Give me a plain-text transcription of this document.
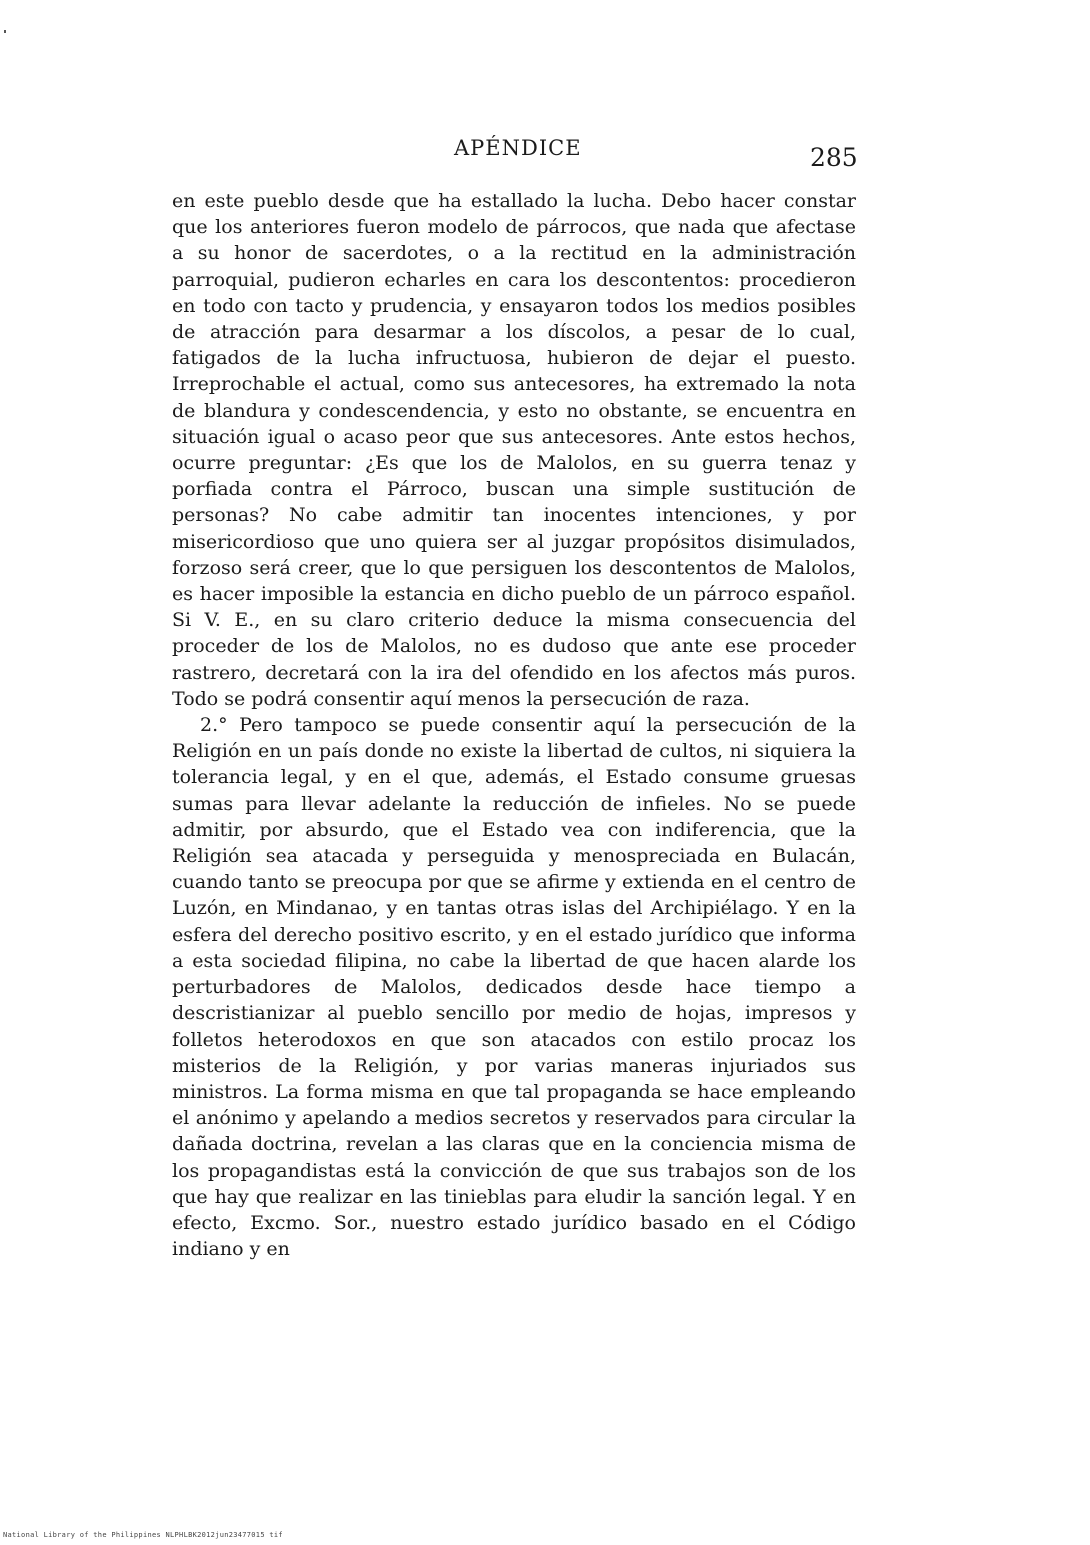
APÉNDICE	285

en este pueblo desde que ha estallado la lucha. Debo hacer constar que los anteriores fueron modelo de párrocos, que nada que afectase a su honor de sacerdotes, o a la rectitud en la administración parroquial, pudieron echarles en cara los descontentos: procedieron en todo con tacto y prudencia, y ensayaron todos los medios posibles de atracción para desarmar a los díscolos, a pesar de lo cual, fatigados de la lucha infructuosa, hubieron de dejar el puesto. Irreprochable el actual, como sus antecesores, ha extremado la nota de blandura y condescendencia, y esto no obstante, se encuentra en situación igual o acaso peor que sus antecesores. Ante estos hechos, ocurre preguntar: ¿Es que los de Malolos, en su guerra tenaz y porfiada contra el Párroco, buscan una simple sustitución de personas? No cabe admitir tan inocentes intenciones, y por misericordioso que uno quiera ser al juzgar propósitos disimulados, forzoso será creer, que lo que persiguen los descontentos de Malolos, es hacer imposible la estancia en dicho pueblo de un párroco español. Si V. E., en su claro criterio deduce la misma consecuencia del proceder de los de Malolos, no es dudoso que ante ese proceder rastrero, decretará con la ira del ofendido en los afectos más puros. Todo se podrá consentir aquí menos la persecución de raza.

2.° Pero tampoco se puede consentir aquí la persecución de la Religión en un país donde no existe la libertad de cultos, ni siquiera la tolerancia legal, y en el que, además, el Estado consume gruesas sumas para llevar adelante la reducción de infieles. No se puede admitir, por absurdo, que el Estado vea con indiferencia, que la Religión sea atacada y perseguida y menospreciada en Bulacán, cuando tanto se preocupa por que se afirme y extienda en el centro de Luzón, en Mindanao, y en tantas otras islas del Archipiélago. Y en la esfera del derecho positivo escrito, y en el estado jurídico que informa a esta sociedad filipina, no cabe la libertad de que hacen alarde los perturbadores de Malolos, dedicados desde hace tiempo a descristianizar al pueblo sencillo por medio de hojas, impresos y folletos heterodoxos en que son atacados con estilo procaz los misterios de la Religión, y por varias maneras injuriados sus ministros. La forma misma en que tal propaganda se hace empleando el anónimo y apelando a medios secretos y reservados para circular la dañada doctrina, revelan a las claras que en la conciencia misma de los propagandistas está la convicción de que sus trabajos son de los que hay que realizar en las tinieblas para eludir la sanción legal. Y en efecto, Excmo. Sor., nuestro estado jurídico basado en el Código indiano y en

National Library of the Philippines NLPHLBK2012jun23477015 tif
